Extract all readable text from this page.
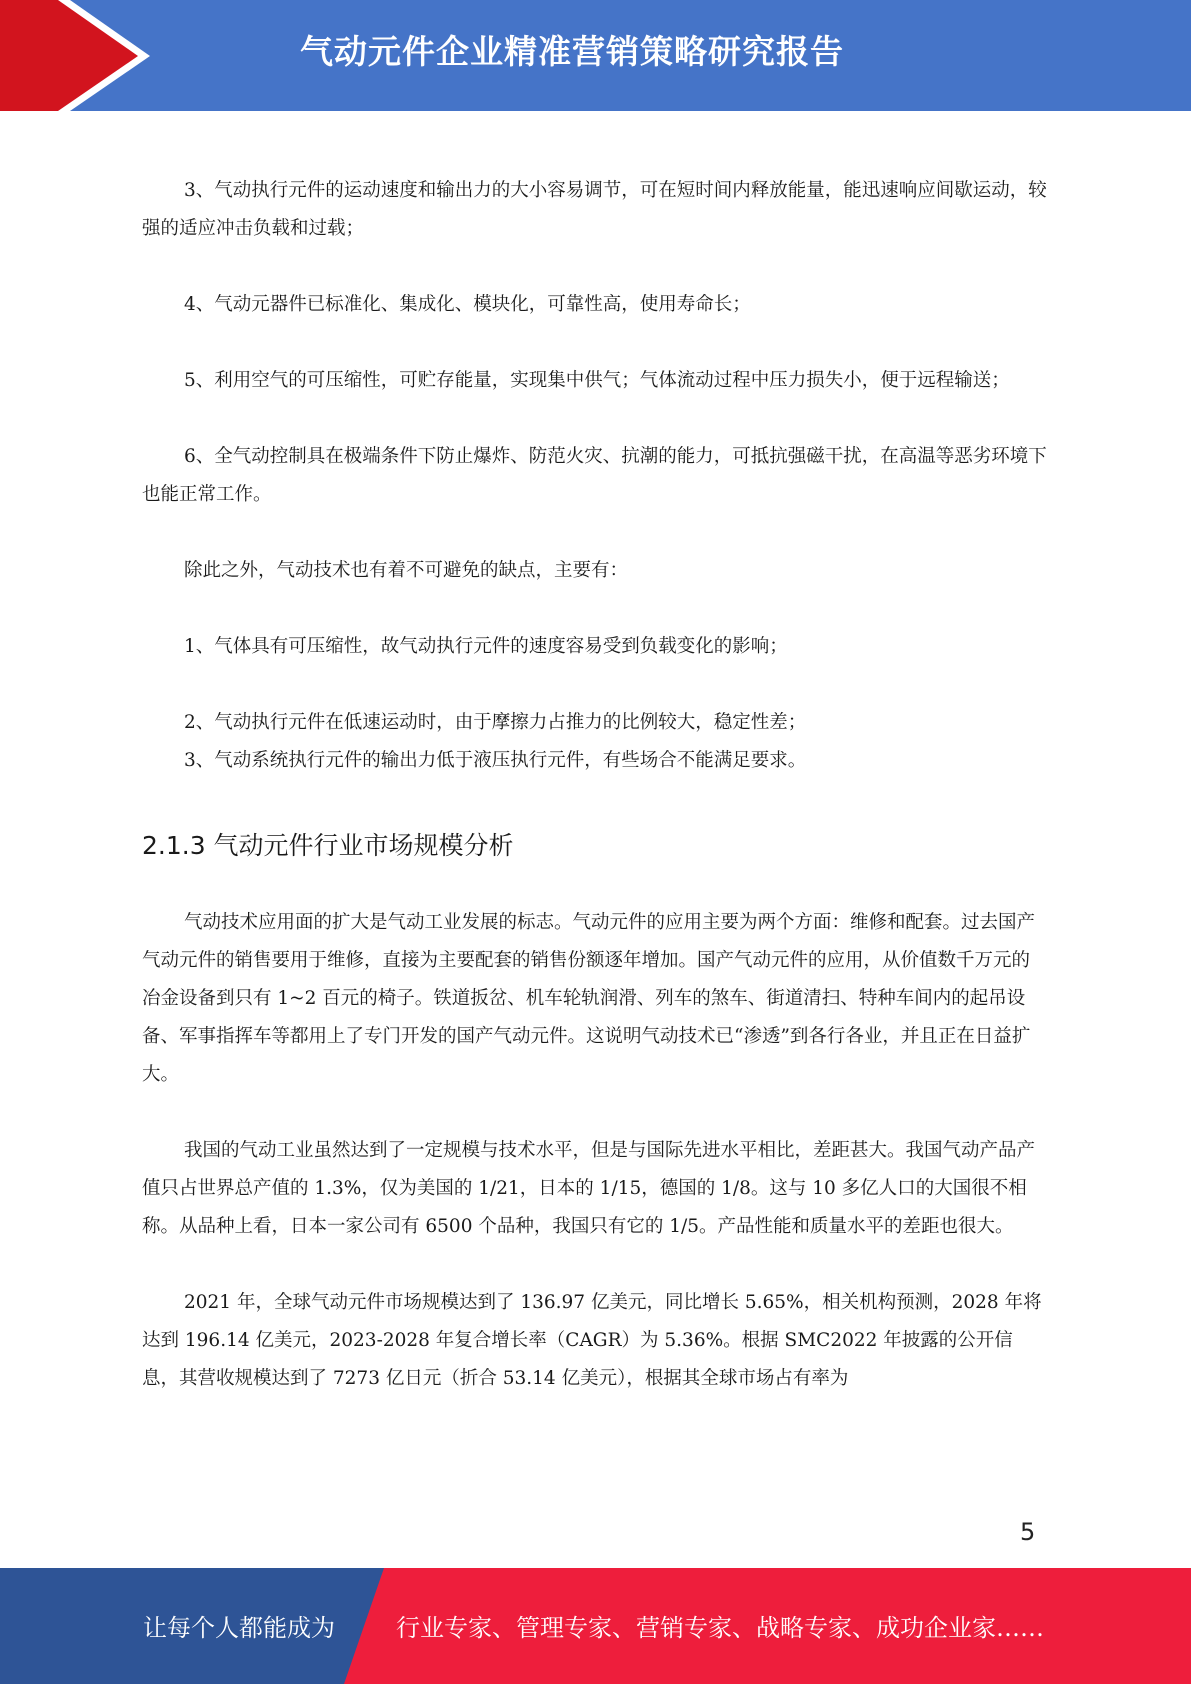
气动元件企业精准营销策略研究报告

3、气动执行元件的运动速度和输出力的大小容易调节，可在短时间内释放能量，能迅速响应间歇运动，较强的适应冲击负载和过载；

4、气动元器件已标准化、集成化、模块化，可靠性高，使用寿命长；

5、利用空气的可压缩性，可贮存能量，实现集中供气；气体流动过程中压力损失小，便于远程输送；

6、全气动控制具在极端条件下防止爆炸、防范火灾、抗潮的能力，可抵抗强磁干扰，在高温等恶劣环境下也能正常工作。

除此之外，气动技术也有着不可避免的缺点，主要有：

1、气体具有可压缩性，故气动执行元件的速度容易受到负载变化的影响；

2、气动执行元件在低速运动时，由于摩擦力占推力的比例较大，稳定性差；

3、气动系统执行元件的输出力低于液压执行元件，有些场合不能满足要求。

2.1.3 气动元件行业市场规模分析

气动技术应用面的扩大是气动工业发展的标志。气动元件的应用主要为两个方面：维修和配套。过去国产气动元件的销售要用于维修，直接为主要配套的销售份额逐年增加。国产气动元件的应用，从价值数千万元的冶金设备到只有 1~2 百元的椅子。铁道扳岔、机车轮轨润滑、列车的煞车、街道清扫、特种车间内的起吊设备、军事指挥车等都用上了专门开发的国产气动元件。这说明气动技术已“渗透”到各行各业，并且正在日益扩大。

我国的气动工业虽然达到了一定规模与技术水平，但是与国际先进水平相比，差距甚大。我国气动产品产值只占世界总产值的 1.3%，仅为美国的 1/21，日本的 1/15，德国的 1/8。这与 10 多亿人口的大国很不相称。从品种上看，日本一家公司有 6500 个品种，我国只有它的 1/5。产品性能和质量水平的差距也很大。

2021 年，全球气动元件市场规模达到了 136.97 亿美元，同比增长 5.65%，相关机构预测，2028 年将达到 196.14 亿美元，2023-2028 年复合增长率（CAGR）为 5.36%。根据 SMC2022 年披露的公开信息，其营收规模达到了 7273 亿日元（折合 53.14 亿美元），根据其全球市场占有率为

5
让每个人都能成为	行业专家、管理专家、营销专家、战略专家、成功企业家……
